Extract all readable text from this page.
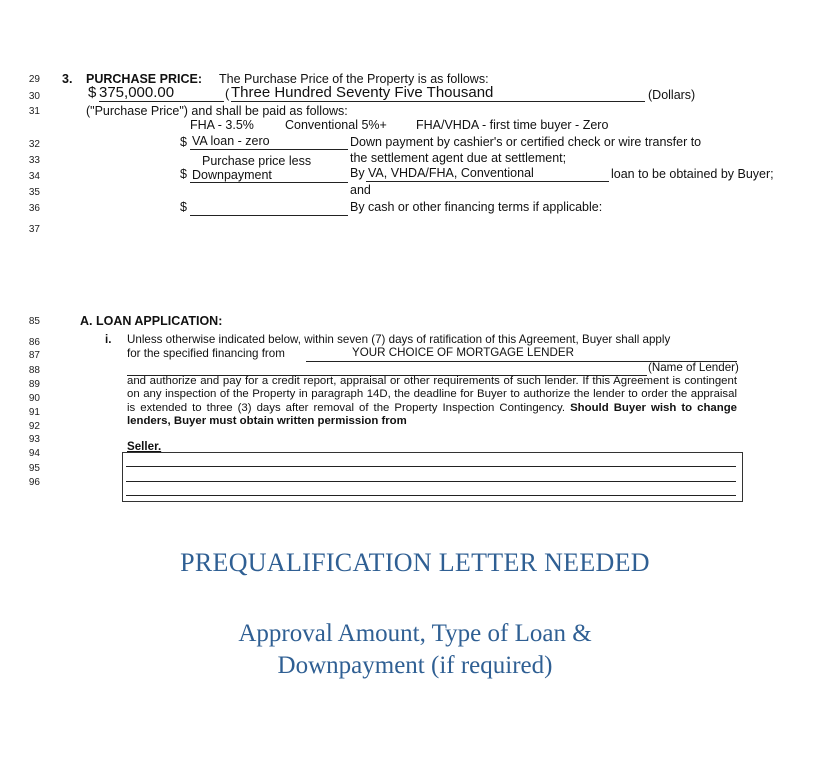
29
30
31
32
33
34
35
36
37
3. PURCHASE PRICE: The Purchase Price of the Property is as follows:
$ 375,000.00	( Three Hundred Seventy Five Thousand	(Dollars)
("Purchase Price") and shall be paid as follows:
FHA - 3.5% Conventional 5%+ FHA/VHDA - first time buyer - Zero
$ VA loan - zero	Down payment by cashier's or certified check or wire transfer to
Purchase price less	the settlement agent due at settlement;
$ Downpayment	By VA, VHDA/FHA, Conventional	loan to be obtained by Buyer;
and
$	By cash or other financing terms if applicable:
85
86
87
88
89
90
91
92
93
94
95
96
A. LOAN APPLICATION:
i. Unless otherwise indicated below, within seven (7) days of ratification of this Agreement, Buyer shall apply
for the specified financing from	YOUR CHOICE OF MORTGAGE LENDER
(Name of Lender)
and authorize and pay for a credit report, appraisal or other requirements of such lender. If this Agreement is contingent on any inspection of the Property in paragraph 14D, the deadline for Buyer to authorize the lender to order the appraisal is extended to three (3) days after removal of the Property Inspection Contingency. Should Buyer wish to change lenders, Buyer must obtain written permission from
Seller.
PREQUALIFICATION LETTER NEEDED
Approval Amount, Type of Loan &
Downpayment (if required)
